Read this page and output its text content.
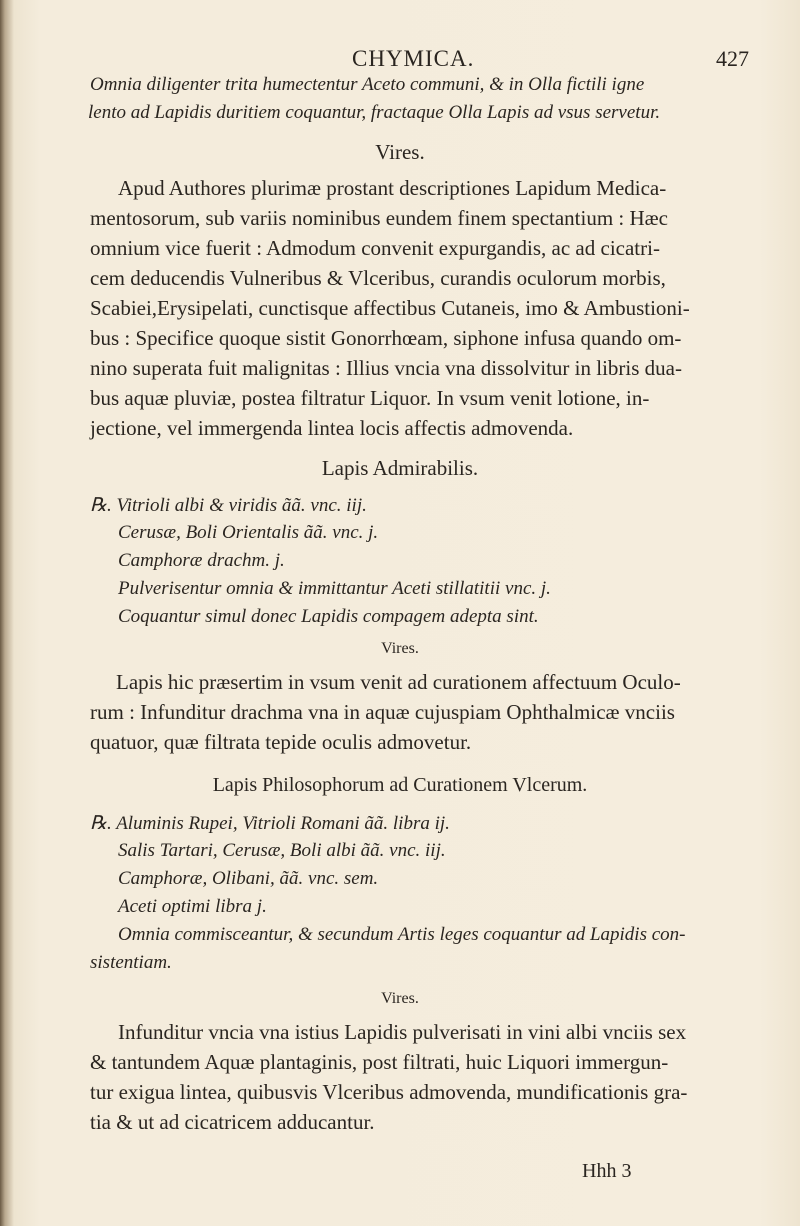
CHYMICA.	427
Omnia diligenter trita humectentur Aceto communi, & in Olla fictili igne
lento ad Lapidis duritiem coquantur, fractaque Olla Lapis ad vsus servetur.
Vires.
Apud Authores plurimæ prostant descriptiones Lapidum Medica-
mentosorum, sub variis nominibus eundem finem spectantium : Hæc
omnium vice fuerit : Admodum convenit expurgandis, ac ad cicatri-
cem deducendis Vulneribus & Vlceribus, curandis oculorum morbis,
Scabiei,Erysipelati, cunctisque affectibus Cutaneis, imo & Ambustioni-
bus : Specifice quoque sistit Gonorrhœam, siphone infusa quando om-
nino superata fuit malignitas : Illius vncia vna dissolvitur in libris dua-
bus aquæ pluviæ, postea filtratur Liquor. In vsum venit lotione, in-
jectione, vel immergenda lintea locis affectis admovenda.
Lapis Admirabilis.
℞. Vitrioli albi & viridis ãã. vnc. iij.
Cerusæ, Boli Orientalis ãã. vnc. j.
Camphoræ drachm. j.
Pulverisentur omnia & immittantur Aceti stillatitii vnc. j.
Coquantur simul donec Lapidis compagem adepta sint.
Vires.
Lapis hic præsertim in vsum venit ad curationem affectuum Oculo-
rum : Infunditur drachma vna in aquæ cujuspiam Ophthalmicæ vnciis
quatuor, quæ filtrata tepide oculis admovetur.
Lapis Philosophorum ad Curationem Vlcerum.
℞. Aluminis Rupei, Vitrioli Romani ãã. libra ij.
Salis Tartari, Cerusæ, Boli albi ãã. vnc. iij.
Camphoræ, Olibani, ãã. vnc. sem.
Aceti optimi libra j.
Omnia commisceantur, & secundum Artis leges coquantur ad Lapidis con-
sistentiam.
Vires.
Infunditur vncia vna istius Lapidis pulverisati in vini albi vnciis sex
& tantundem Aquæ plantaginis, post filtrati, huic Liquori immergun-
tur exigua lintea, quibusvis Vlceribus admovenda, mundificationis gra-
tia & ut ad cicatricem adducantur.
Hhh 3
